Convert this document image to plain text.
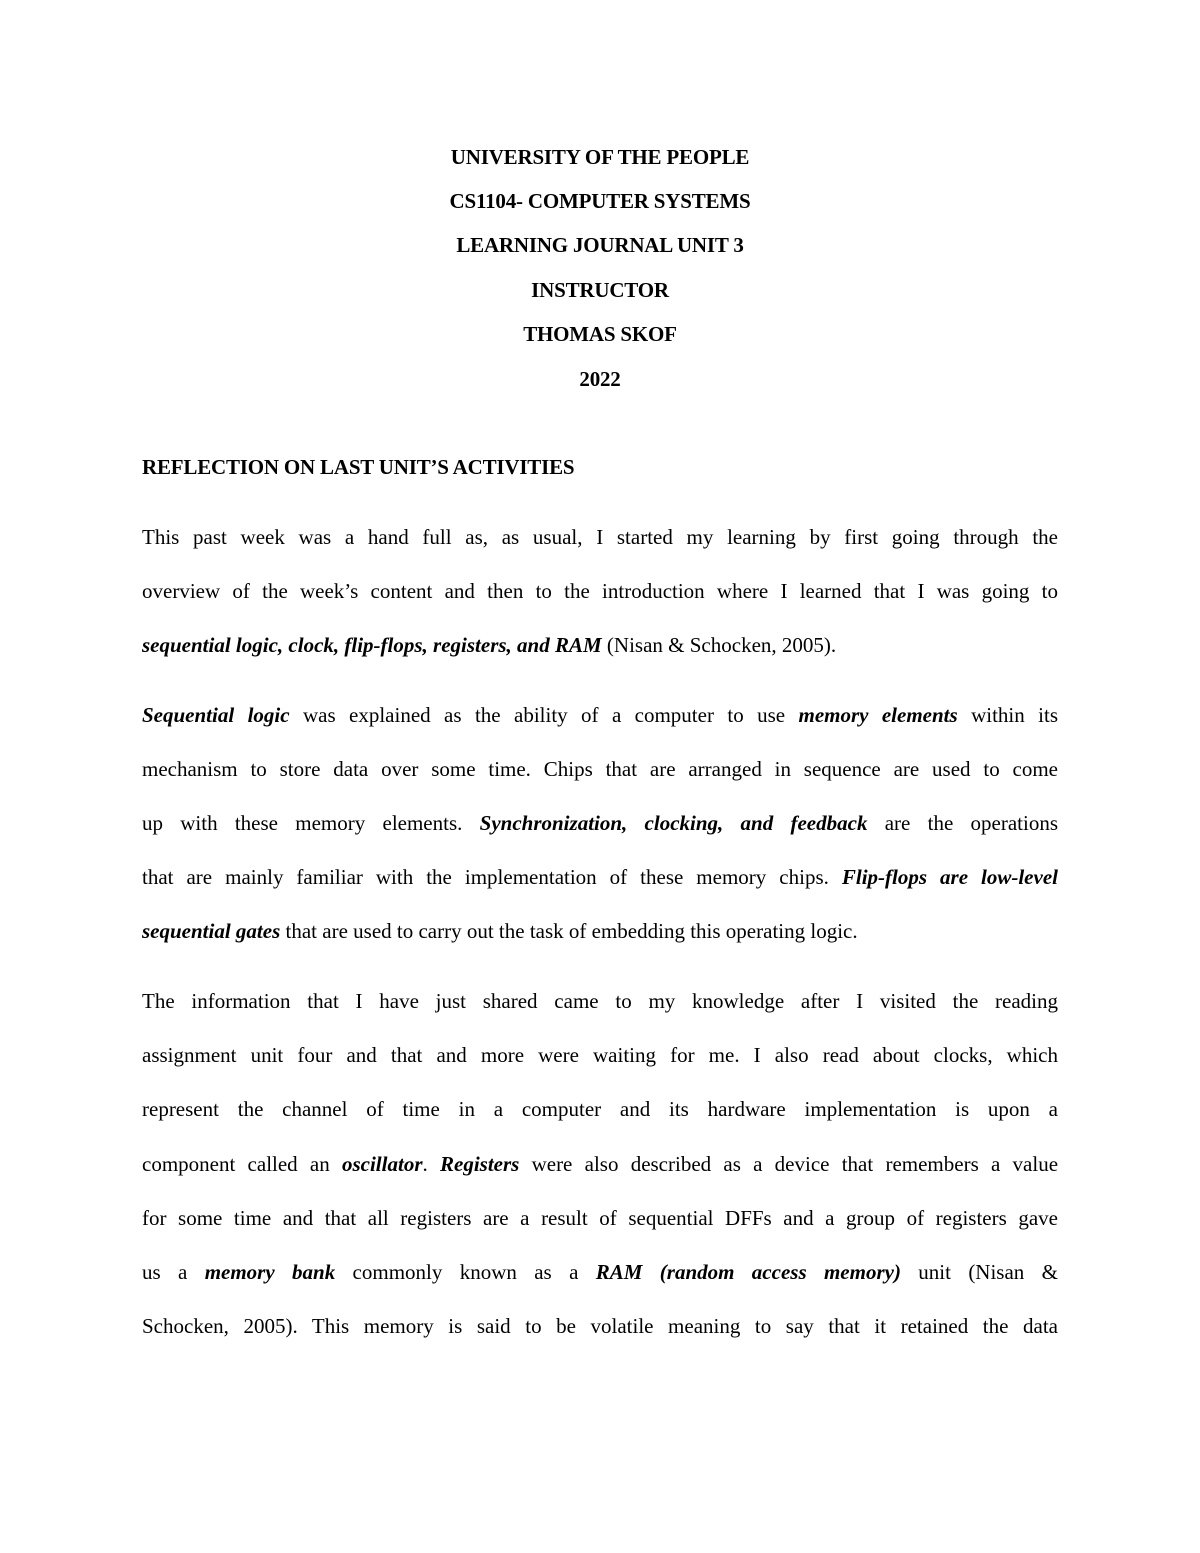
UNIVERSITY OF THE PEOPLE
CS1104- COMPUTER SYSTEMS
LEARNING JOURNAL UNIT 3
INSTRUCTOR
THOMAS SKOF
2022
REFLECTION ON LAST UNIT’S ACTIVITIES
This past week was a hand full as, as usual, I started my learning by first going through the
overview of the week’s content and then to the introduction where I learned that I was going to
sequential logic, clock, flip-flops, registers, and RAM (Nisan & Schocken, 2005).
Sequential logic was explained as the ability of a computer to use memory elements within its
mechanism to store data over some time. Chips that are arranged in sequence are used to come
up with these memory elements. Synchronization, clocking, and feedback are the operations
that are mainly familiar with the implementation of these memory chips. Flip-flops are low-level
sequential gates that are used to carry out the task of embedding this operating logic.
The information that I have just shared came to my knowledge after I visited the reading
assignment unit four and that and more were waiting for me. I also read about clocks, which
represent the channel of time in a computer and its hardware implementation is upon a
component called an oscillator. Registers were also described as a device that remembers a value
for some time and that all registers are a result of sequential DFFs and a group of registers gave
us a memory bank commonly known as a RAM (random access memory) unit (Nisan &
Schocken, 2005). This memory is said to be volatile meaning to say that it retained the data
